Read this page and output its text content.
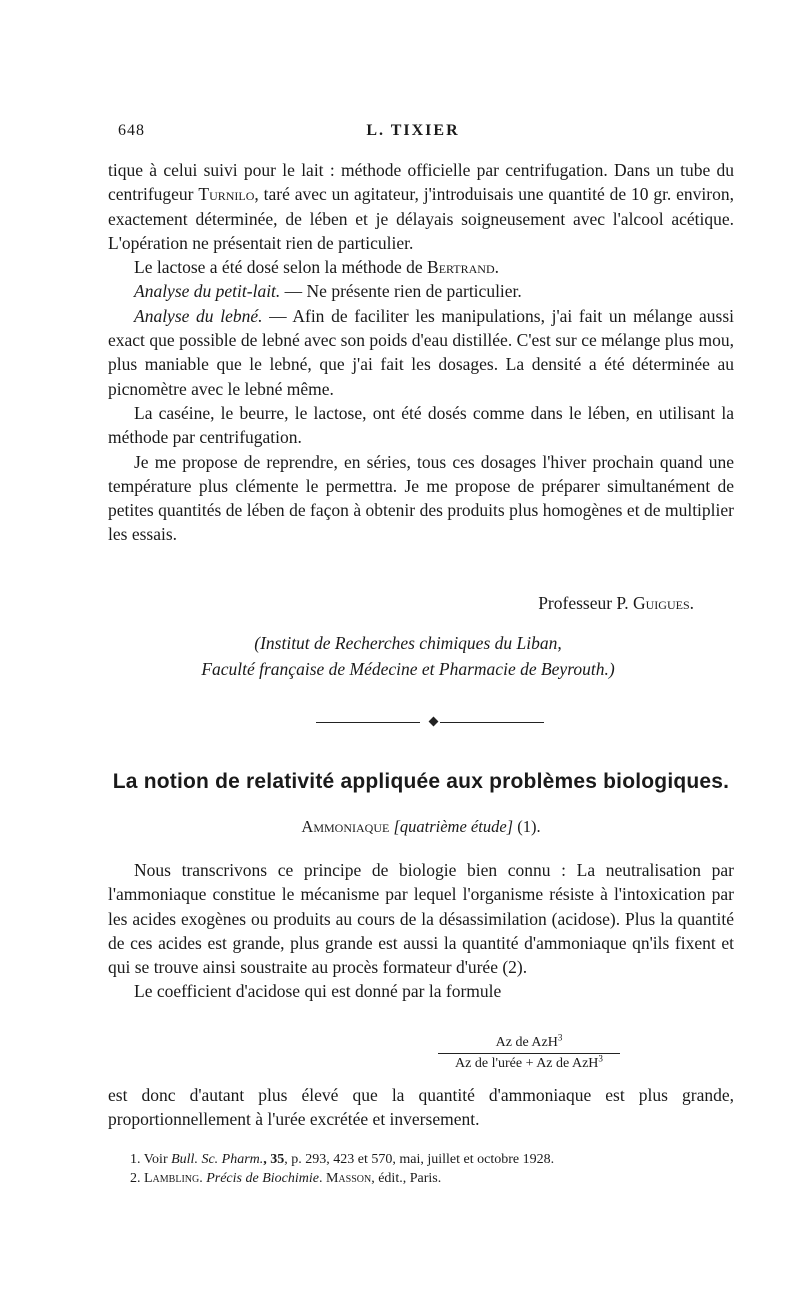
648	L. TIXIER

tique à celui suivi pour le lait : méthode officielle par centrifugation. Dans un tube du centrifugeur Turnilo, taré avec un agitateur, j'introduisais une quantité de 10 gr. environ, exactement déterminée, de lében et je délayais soigneusement avec l'alcool acétique. L'opération ne présentait rien de particulier.

Le lactose a été dosé selon la méthode de Bertrand.

Analyse du petit-lait. — Ne présente rien de particulier.

Analyse du lebné. — Afin de faciliter les manipulations, j'ai fait un mélange aussi exact que possible de lebné avec son poids d'eau distillée. C'est sur ce mélange plus mou, plus maniable que le lebné, que j'ai fait les dosages. La densité a été déterminée au picnomètre avec le lebné même.

La caséine, le beurre, le lactose, ont été dosés comme dans le lében, en utilisant la méthode par centrifugation.

Je me propose de reprendre, en séries, tous ces dosages l'hiver prochain quand une température plus clémente le permettra. Je me propose de préparer simultanément de petites quantités de lében de façon à obtenir des produits plus homogènes et de multiplier les essais.

Professeur P. Guigues.
(Institut de Recherches chimiques du Liban,
Faculté française de Médecine et Pharmacie de Beyrouth.)
La notion de relativité appliquée aux problèmes biologiques.
Ammoniaque [quatrième étude] (1).

Nous transcrivons ce principe de biologie bien connu : La neutralisation par l'ammoniaque constitue le mécanisme par lequel l'organisme résiste à l'intoxication par les acides exogènes ou produits au cours de la désassimilation (acidose). Plus la quantité de ces acides est grande, plus grande est aussi la quantité d'ammoniaque qn'ils fixent et qui se trouve ainsi soustraite au procès formateur d'urée (2).

Le coefficient d'acidose qui est donné par la formule

Az de AzH$^3$
Az de l'urée + Az de AzH$^3$

est donc d'autant plus élevé que la quantité d'ammoniaque est plus grande, proportionnellement à l'urée excrétée et inversement.

1. Voir Bull. Sc. Pharm., 35, p. 293, 423 et 570, mai, juillet et octobre 1928.
2. Lambling. Précis de Biochimie. Masson, édit., Paris.
